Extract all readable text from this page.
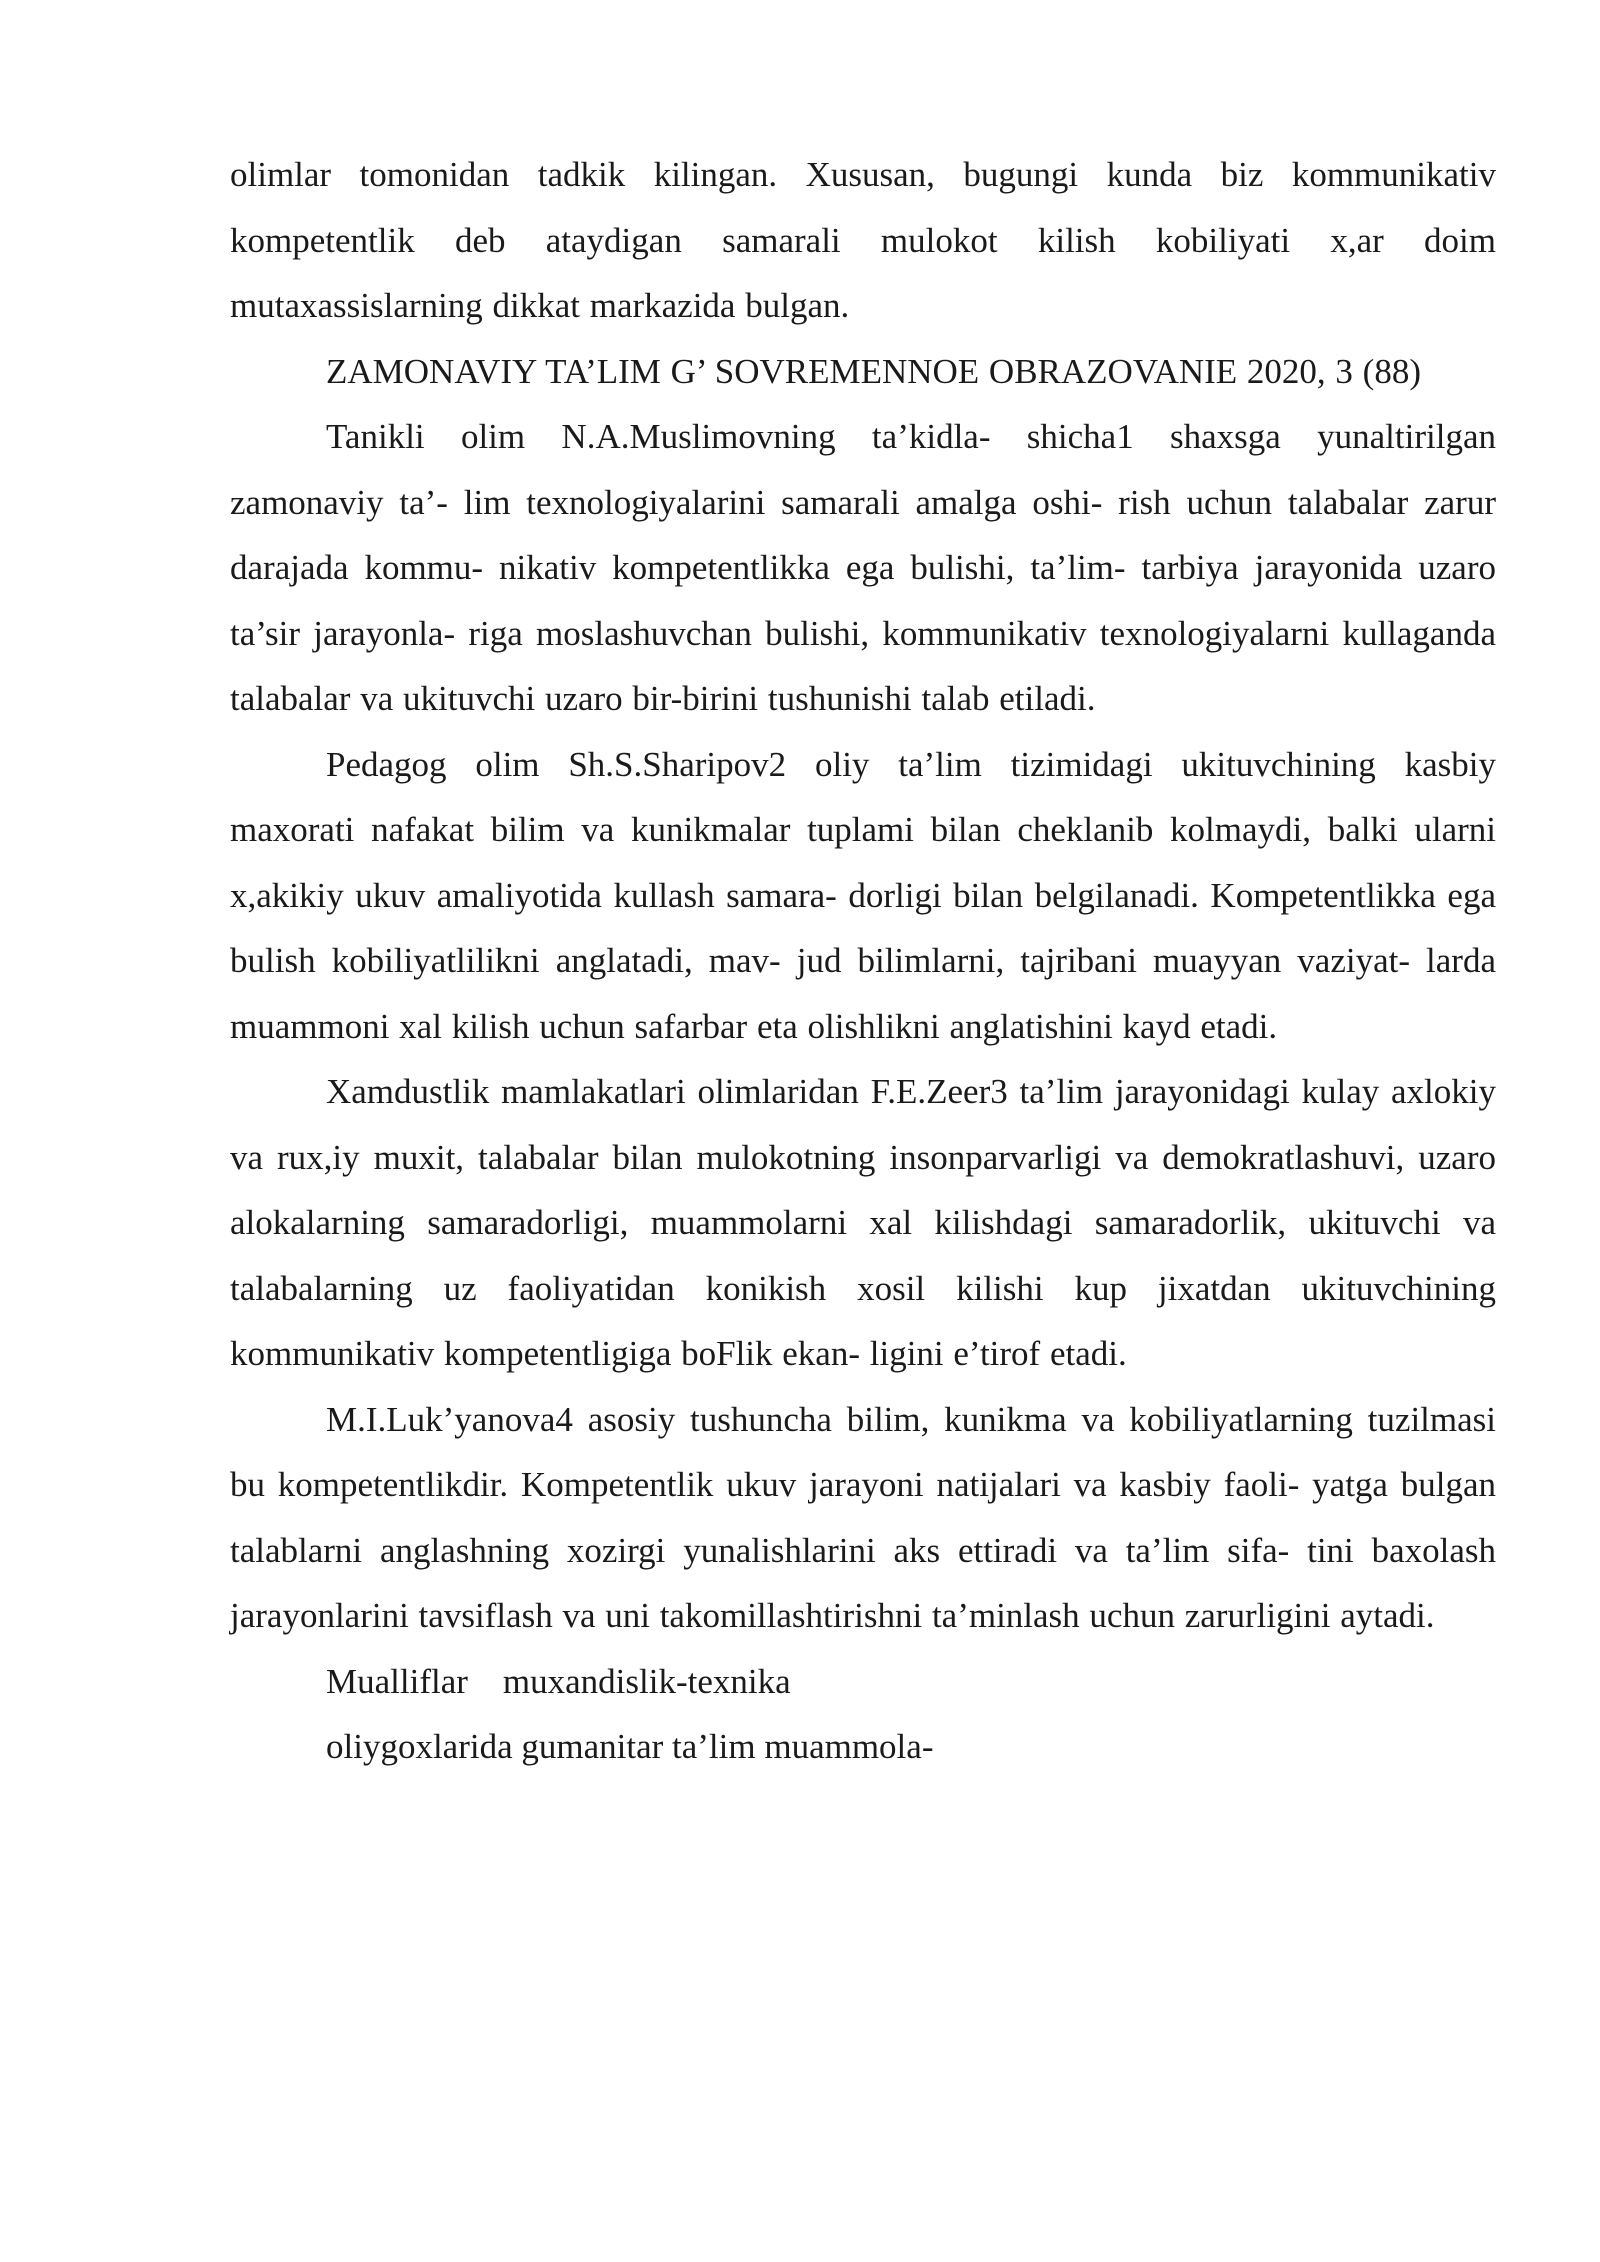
olimlar tomonidan tadkik kilingan. Xususan, bugungi kunda biz kommunikativ kompetentlik deb ataydigan samarali mulokot kilish kobiliyati x,ar doim mutaxassislarning dikkat markazida bulgan.

ZAMONAVIY TA’LIM G’ SOVREMENNOE OBRAZOVANIE 2020, 3 (88)

Tanikli olim N.A.Muslimovning ta’kidla- shicha1 shaxsga yunaltirilgan zamonaviy ta’- lim texnologiyalarini samarali amalga oshi- rish uchun talabalar zarur darajada kommu- nikativ kompetentlikka ega bulishi, ta’lim- tarbiya jarayonida uzaro ta’sir jarayonla- riga moslashuvchan bulishi, kommunikativ texnologiyalarni kullaganda talabalar va ukituvchi uzaro bir-birini tushunishi talab etiladi.

Pedagog olim Sh.S.Sharipov2 oliy ta’lim tizimidagi ukituvchining kasbiy maxorati nafakat bilim va kunikmalar tuplami bilan cheklanib kolmaydi, balki ularni x,akikiy ukuv amaliyotida kullash samara- dorligi bilan belgilanadi. Kompetentlikka ega bulish kobiliyatlilikni anglatadi, mav- jud bilimlarni, tajribani muayyan vaziyat- larda muammoni xal kilish uchun safarbar eta olishlikni anglatishini kayd etadi.

Xamdustlik mamlakatlari olimlaridan F.E.Zeer3 ta’lim jarayonidagi kulay axlokiy va rux,iy muxit, talabalar bilan mulokotning insonparvarligi va demokratlashuvi, uzaro alokalarning samaradorligi, muammolarni xal kilishdagi samaradorlik, ukituvchi va talabalarning uz faoliyatidan konikish xosil kilishi kup jixatdan ukituvchining kommunikativ kompetentligiga boFlik ekan- ligini e’tirof etadi.

M.I.Luk’yanova4 asosiy tushuncha bilim, kunikma va kobiliyatlarning tuzilmasi bu kompetentlikdir. Kompetentlik ukuv jarayoni natijalari va kasbiy faoli- yatga bulgan talablarni anglashning xozirgi yunalishlarini aks ettiradi va ta’lim sifa- tini baxolash jarayonlarini tavsiflash va uni takomillashtirishni ta’minlash uchun zarurligini aytadi.

Mualliflar    muxandislik-texnika

oliygoxlarida gumanitar ta’lim muammola-
